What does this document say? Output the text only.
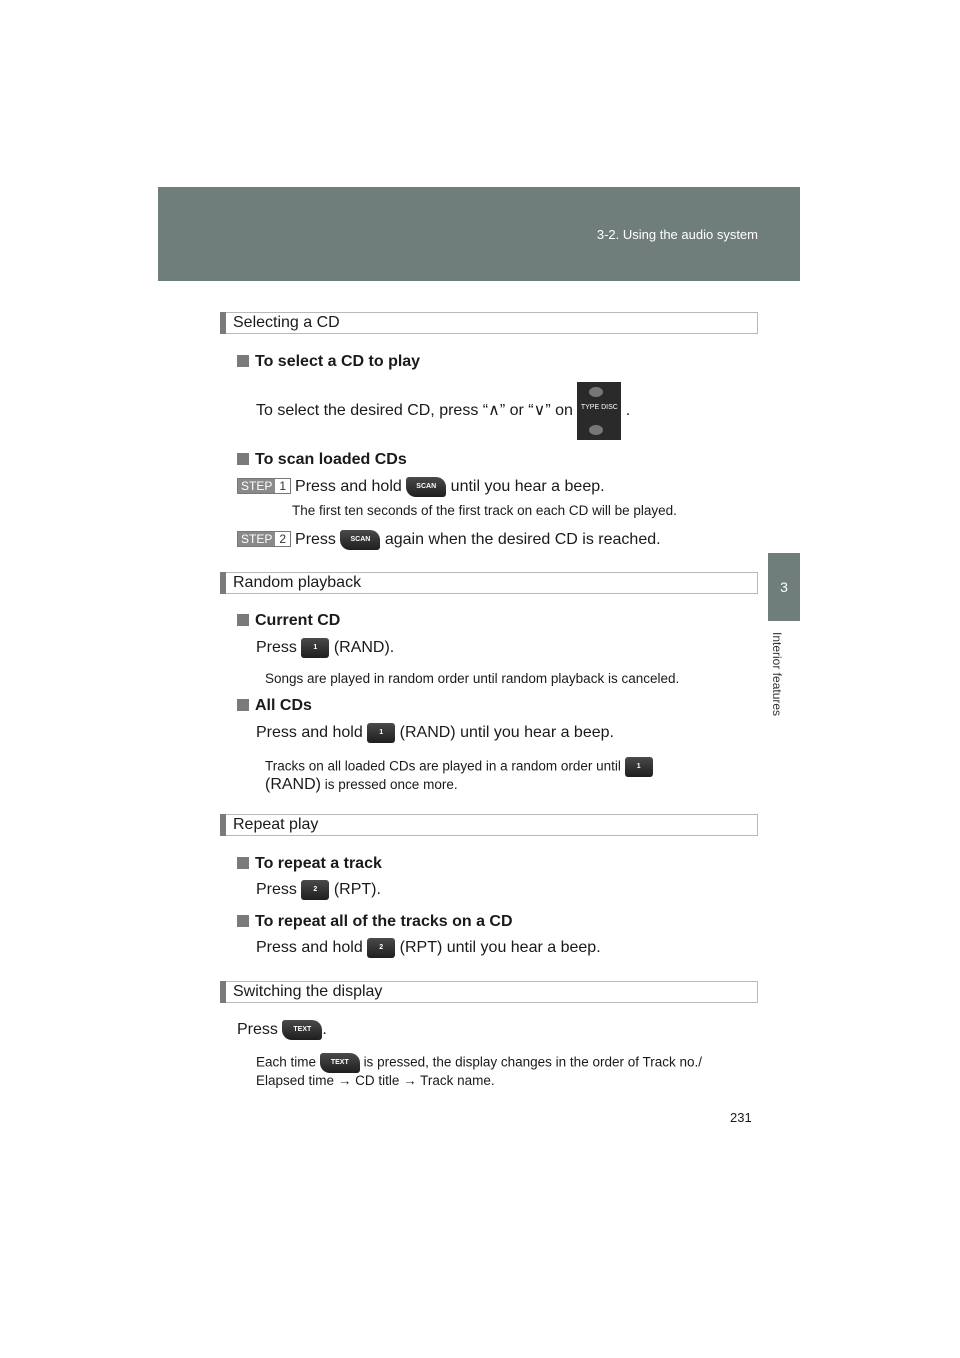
3-2. Using the audio system
3
Interior features
Selecting a CD
To select a CD to play
To select the desired CD, press “∧” or “∨” on	TYPE DISC .
To scan loaded CDs
STEP 1 Press and hold SCAN until you hear a beep.
The first ten seconds of the first track on each CD will be played.
STEP 2 Press SCAN again when the desired CD is reached.
Random playback
Current CD
Press 1 (RAND).
Songs are played in random order until random playback is canceled.
All CDs
Press and hold 1 (RAND) until you hear a beep.
Tracks on all loaded CDs are played in a random order until 1
(RAND) is pressed once more.
Repeat play
To repeat a track
Press 2 (RPT).
To repeat all of the tracks on a CD
Press and hold 2 (RPT) until you hear a beep.
Switching the display
Press TEXT .
Each time TEXT is pressed, the display changes in the order of Track no./
Elapsed time → CD title → Track name.
231
